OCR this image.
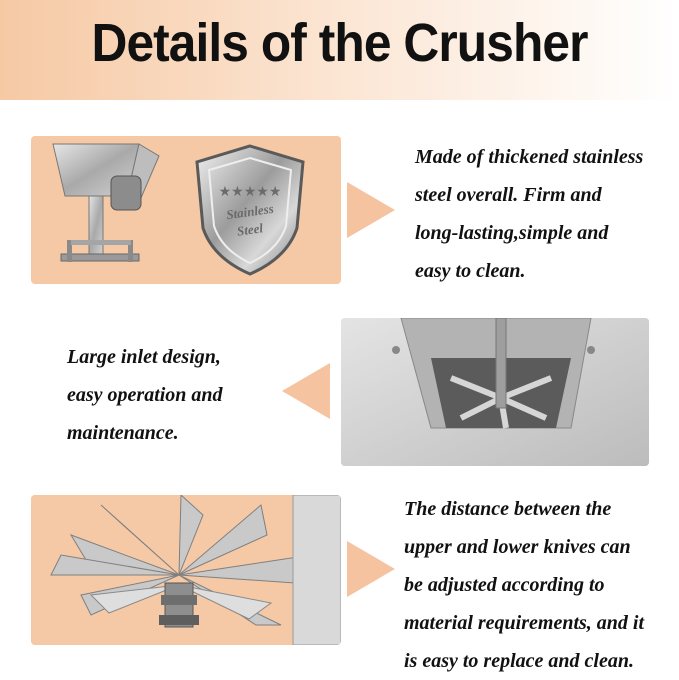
Details of the Crusher
★★★★★
Stainless
Steel
Made of thickened stainless
steel overall. Firm and
long-lasting,simple and
easy to clean.
Large inlet design,
easy operation and
maintenance.
The distance between the
upper and lower knives can
be adjusted according to
material requirements, and it
is easy to replace and clean.
